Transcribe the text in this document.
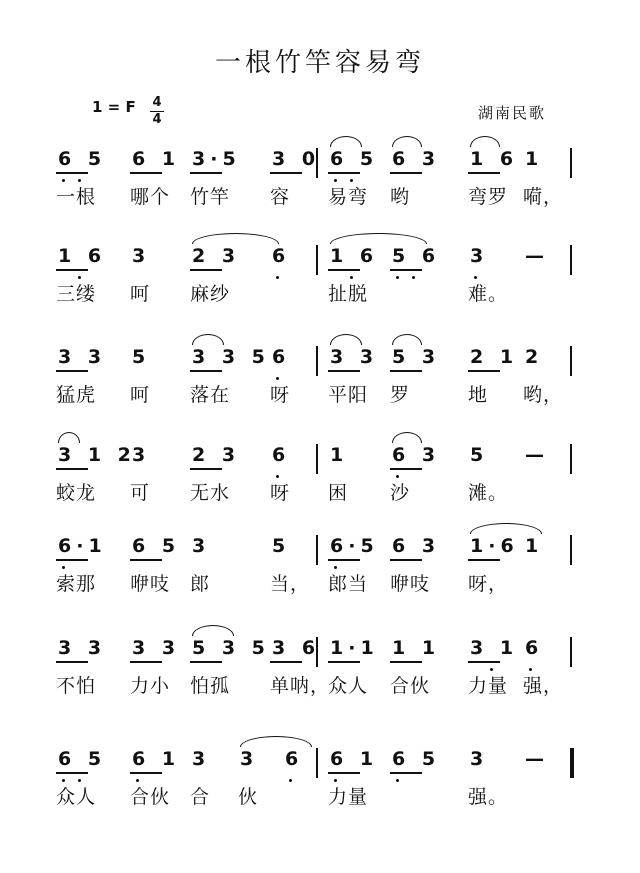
一根竹竿容易弯
1 = F 4
4	湖南民歌
6 5 6 1 3·5 3 0 6 5 6 3 1 6 1
一根 哪个 竹竿 容 易弯 哟	弯罗 嗬，
1 6 3 2 3 6 1 6 5 6 3 —
三缕 呵 麻纱	扯脱	难。
3 3 5 3 3 5 6 3 3 5 3 2 1 2
猛虎 呵 落在 呀 平阳 罗	地 哟，
3 1 2
3 2 3 6 1 6 3 5 —
蛟龙 可 无水 呀 困 沙	滩。
6·1 6 5 3	5 6·5 6 3 1·6 1
索那 咿吱 郎	当， 郎当 咿吱 呀，
3 3 3 3 5 3 5 3 6 1·1 1 1 3 1 6
不怕 力小 怕孤 单呐，
众人 合伙 力量 强，
6 5 6 1 3 3 6 6 1 6 5 3 —
众人 合伙 合 伙	力量	强。
